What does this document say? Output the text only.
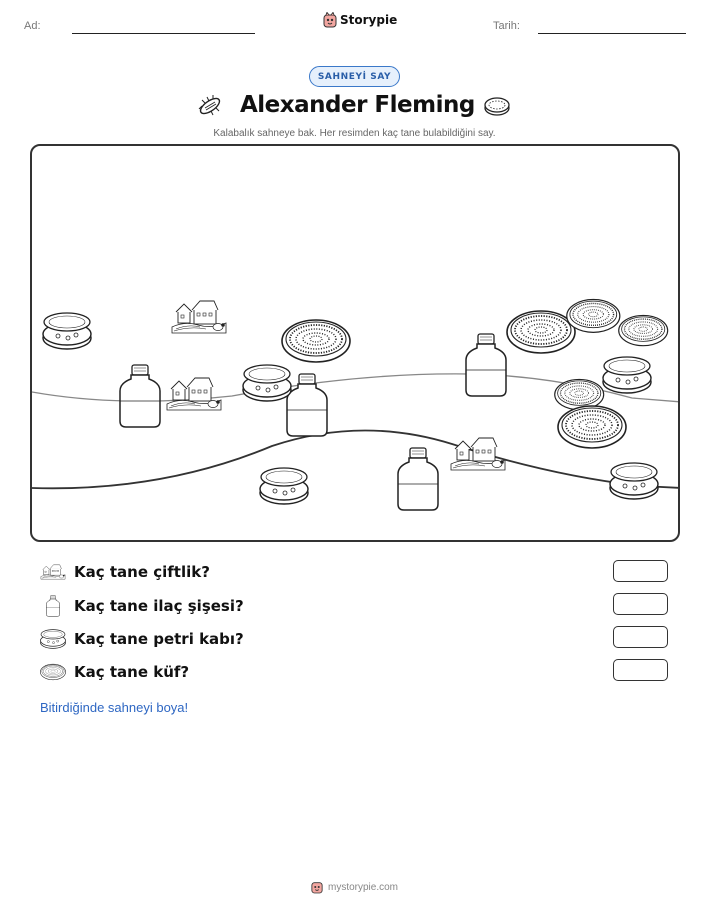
Ad:	Storypie	Tarih:
SAHNEYİ SAY
Alexander Fleming
Kalabalık sahneye bak. Her resimden kaç tane bulabildiğini say.
Kaç tane çiftlik?
Kaç tane ilaç şişesi?
Kaç tane petri kabı?
Kaç tane küf?
Bitirdiğinde sahneyi boya!
mystorypie.com
